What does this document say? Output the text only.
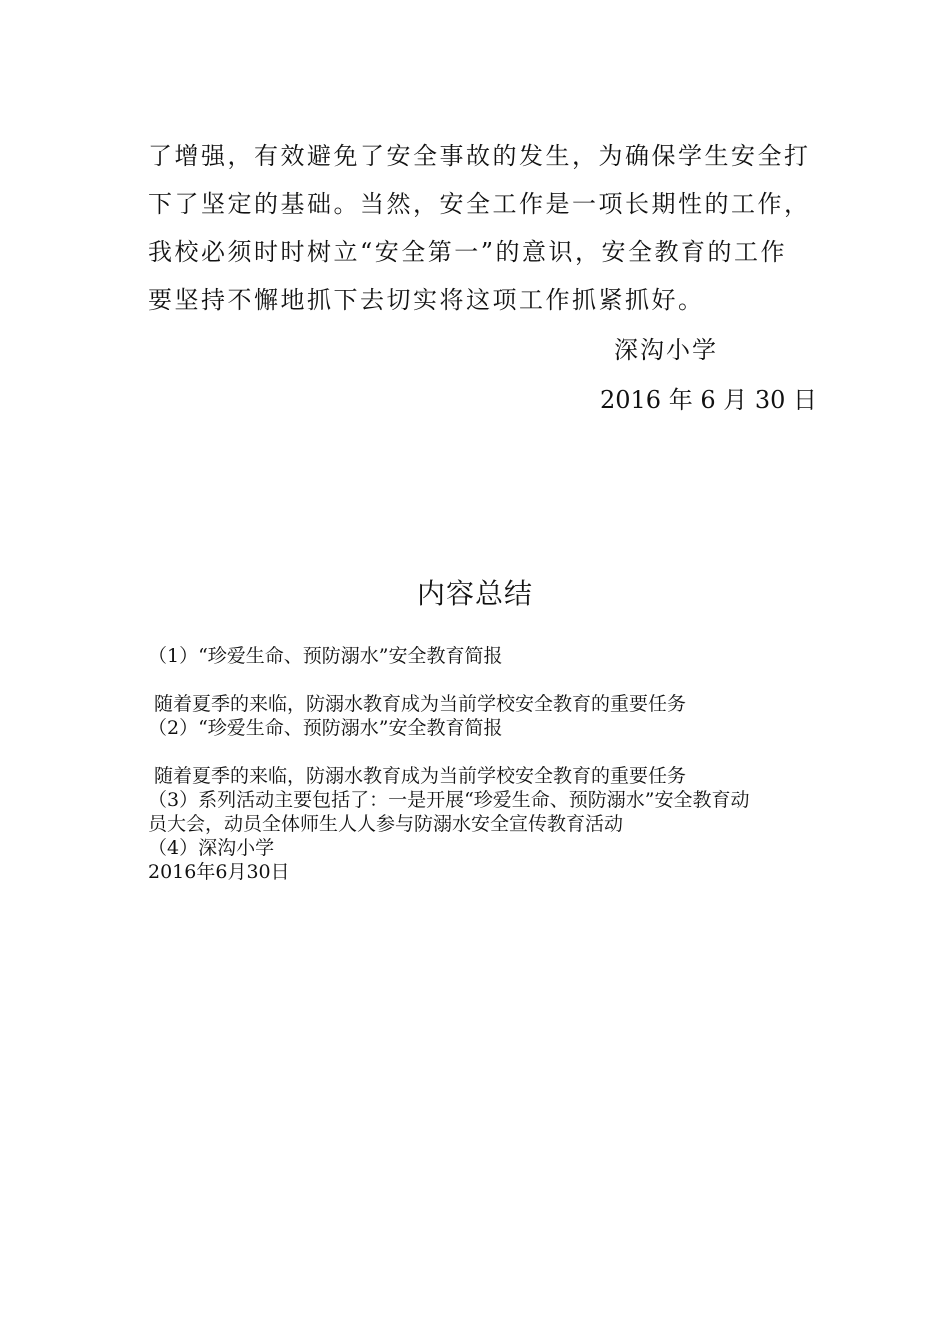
了增强，有效避免了安全事故的发生，为确保学生安全打
下了坚定的基础。当然，安全工作是一项长期性的工作，
我校必须时时树立“安全第一”的意识，安全教育的工作
要坚持不懈地抓下去切实将这项工作抓紧抓好。
深沟小学
2016 年 6 月 30 日
内容总结
（1）“珍爱生命、预防溺水”安全教育简报
随着夏季的来临，防溺水教育成为当前学校安全教育的重要任务
（2）“珍爱生命、预防溺水”安全教育简报
随着夏季的来临，防溺水教育成为当前学校安全教育的重要任务
（3）系列活动主要包括了：一是开展“珍爱生命、预防溺水”安全教育动
员大会，动员全体师生人人参与防溺水安全宣传教育活动
（4）深沟小学
2016年6月30日
